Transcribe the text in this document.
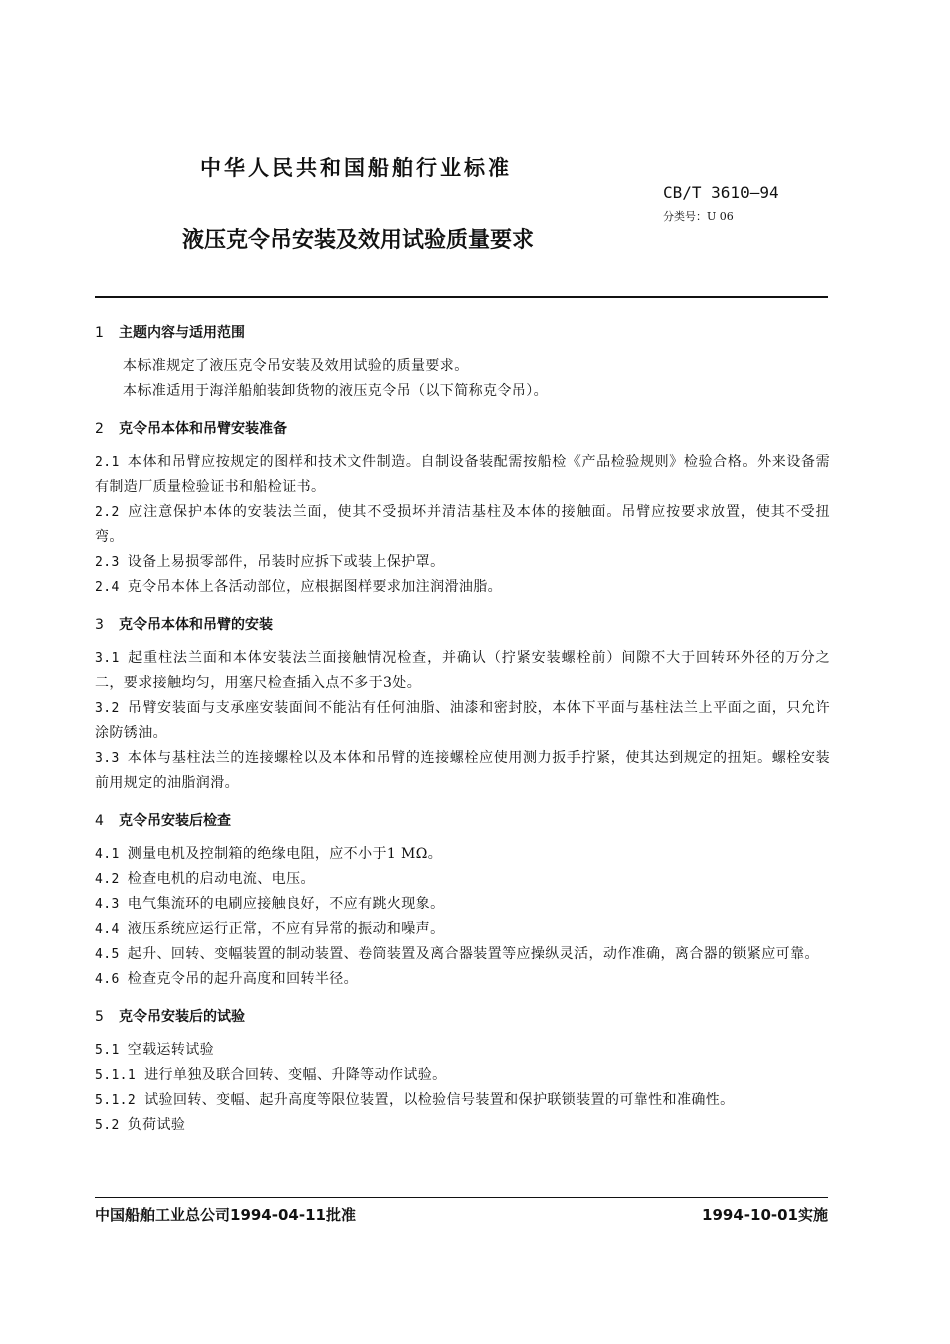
中华人民共和国船舶行业标准
CB/T 3610—94
分类号：U 06
液压克令吊安装及效用试验质量要求
1 主题内容与适用范围

本标准规定了液压克令吊安装及效用试验的质量要求。

本标准适用于海洋船舶装卸货物的液压克令吊（以下简称克令吊）。

2 克令吊本体和吊臂安装准备

2.1 本体和吊臂应按规定的图样和技术文件制造。自制设备装配需按船检《产品检验规则》检验合格。外来设备需有制造厂质量检验证书和船检证书。

2.2 应注意保护本体的安装法兰面，使其不受损坏并清洁基柱及本体的接触面。吊臂应按要求放置，使其不受扭弯。

2.3 设备上易损零部件，吊装时应拆下或装上保护罩。

2.4 克令吊本体上各活动部位，应根据图样要求加注润滑油脂。

3 克令吊本体和吊臂的安装

3.1 起重柱法兰面和本体安装法兰面接触情况检查，并确认（拧紧安装螺栓前）间隙不大于回转环外径的万分之二，要求接触均匀，用塞尺检查插入点不多于3处。

3.2 吊臂安装面与支承座安装面间不能沾有任何油脂、油漆和密封胶，本体下平面与基柱法兰上平面之面，只允许涂防锈油。

3.3 本体与基柱法兰的连接螺栓以及本体和吊臂的连接螺栓应使用测力扳手拧紧，使其达到规定的扭矩。螺栓安装前用规定的油脂润滑。

4 克令吊安装后检查

4.1 测量电机及控制箱的绝缘电阻，应不小于1 MΩ。

4.2 检查电机的启动电流、电压。

4.3 电气集流环的电刷应接触良好，不应有跳火现象。

4.4 液压系统应运行正常，不应有异常的振动和噪声。

4.5 起升、回转、变幅装置的制动装置、卷筒装置及离合器装置等应操纵灵活，动作准确，离合器的锁紧应可靠。

4.6 检查克令吊的起升高度和回转半径。

5 克令吊安装后的试验

5.1 空载运转试验

5.1.1 进行单独及联合回转、变幅、升降等动作试验。

5.1.2 试验回转、变幅、起升高度等限位装置，以检验信号装置和保护联锁装置的可靠性和准确性。

5.2 负荷试验

中国船舶工业总公司1994-04-11批准	1994-10-01实施
